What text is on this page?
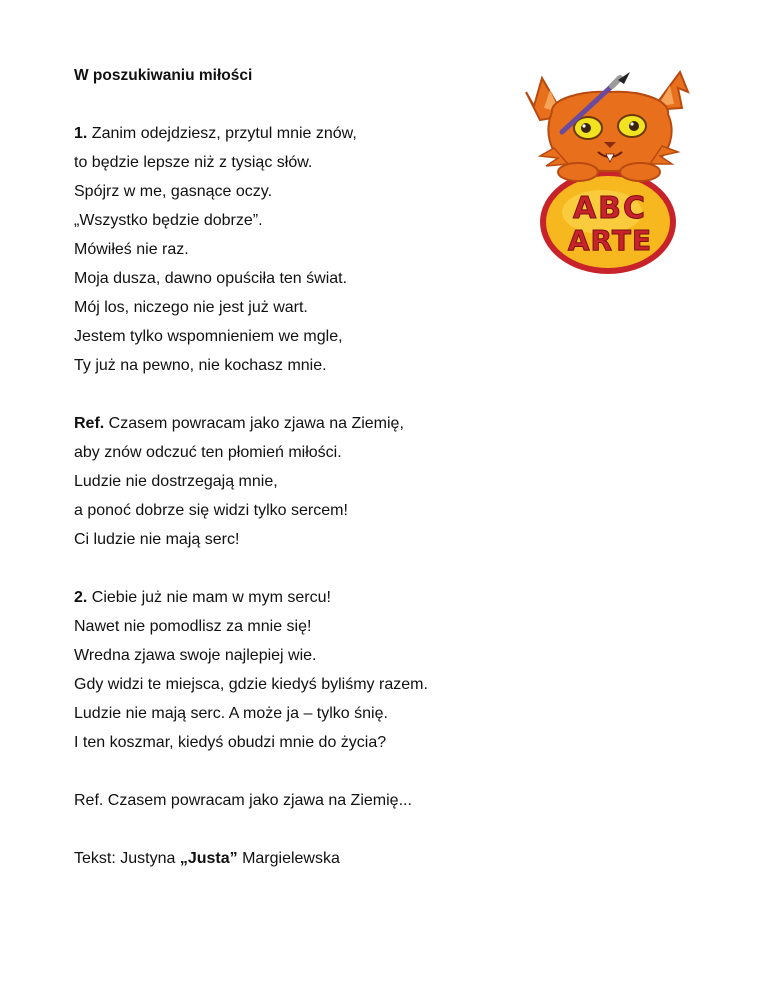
W poszukiwaniu miłości
1. Zanim odejdziesz, przytul mnie znów,
to będzie lepsze niż z tysiąc słów.
Spójrz w me, gasnące oczy.
„Wszystko będzie dobrze”.
Mówiłeś nie raz.
Moja dusza, dawno opuściła ten świat.
Mój los, niczego nie jest już wart.
Jestem tylko wspomnieniem we mgle,
Ty już na pewno, nie kochasz mnie.
Ref. Czasem powracam jako zjawa na Ziemię,
aby znów odczuć ten płomień miłości.
Ludzie nie dostrzegają mnie,
a ponoć dobrze się widzi tylko sercem!
Ci ludzie nie mają serc!
2. Ciebie już nie mam w mym sercu!
Nawet nie pomodlisz za mnie się!
Wredna zjawa swoje najlepiej wie.
Gdy widzi te miejsca, gdzie kiedyś byliśmy razem.
Ludzie nie mają serc. A może ja – tylko śnię.
I ten koszmar, kiedyś obudzi mnie do życia?
Ref. Czasem powracam jako zjawa na Ziemię...
Tekst: Justyna „Justa” Margielewska
ABC
ARTE
